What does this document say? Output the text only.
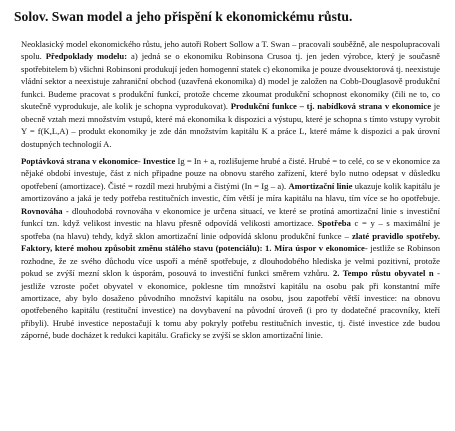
Solov. Swan model a jeho přispění k ekonomickému růstu.
Neoklasický model ekonomického růstu, jeho autoři Robert Sollow a T. Swan – pracovali souběžně, ale nespolupracovali spolu. Předpoklady modelu: a) jedná se o ekonomiku Robinsona Crusoa tj. jen jeden výrobce, který je současně spotřebitelem b) všichni Robinsoni produkují jeden homogenní statek c) ekonomika je pouze dvousektorová tj. neexistuje vládní sektor a neexistuje zahraniční obchod (uzavřená ekonomika) d) model je založen na Cobb-Douglasově produkční funkci. Budeme pracovat s produkční funkcí, protože chceme zkoumat produkční schopnost ekonomiky (čili ne to, co skutečně vyprodukuje, ale kolik je schopna vyprodukovat). Produkční funkce – tj. nabídková strana v ekonomice je obecně vztah mezi množstvím vstupů, které má ekonomika k dispozici a výstupu, které je schopna s tímto vstupy vyrobit Y = f(K,L,A) – produkt ekonomiky je zde dán množstvím kapitálu K a práce L, které máme k dispozici a pak úrovní dostupných technologií A.
Poptávková strana v ekonomice- Investice Ig = In + a, rozlišujeme hrubé a čisté. Hrubé = to celé, co se v ekonomice za nějaké období investuje, část z nich připadne pouze na obnovu starého zařízení, které bylo nutno odepsat v důsledku opotřebení (amortizace). Čisté = rozdíl mezi hrubými a čistými (In = Ig – a). Amortizační linie ukazuje kolik kapitálu je amortizováno a jaká je tedy potřeba restitučních investic, čím větší je míra kapitálu na hlavu, tím více se ho opotřebuje. Rovnováha - dlouhodobá rovnováha v ekonomice je určena situací, ve které se protíná amortizační linie s investiční funkcí tzn. když velikost investic na hlavu přesně odpovídá velikosti amortizace. Spotřeba c = y – s maximální je spotřeba (na hlavu) tehdy, když sklon amortizační linie odpovídá sklonu produkční funkce – zlaté pravidlo spotřeby. Faktory, které mohou způsobit změnu stálého stavu (potenciálu): 1. Míra úspor v ekonomice- jestliže se Robinson rozhodne, že ze svého důchodu více uspoří a méně spotřebuje, z dlouhodobého hlediska je velmi pozitivní, protože pokud se zvýší mezní sklon k úsporám, posouvá to investiční funkci směrem vzhůru. 2. Tempo růstu obyvatel n - jestliže vzroste počet obyvatel v ekonomice, poklesne tím množství kapitálu na osobu pak při konstantní míře amortizace, aby bylo dosaženo původního množství kapitálu na osobu, jsou zapotřebí větší investice: na obnovu opotřebeného kapitálu (restituční investice) na dovybavení na původní úroveň (i pro ty dodatečné pracovníky, kteří přibyli). Hrubé investice nepostačují k tomu aby pokryly potřebu restitučních investic, tj. čisté investice zde budou záporné, bude docházet k redukci kapitálu. Graficky se zvýší se sklon amortizační linie.
